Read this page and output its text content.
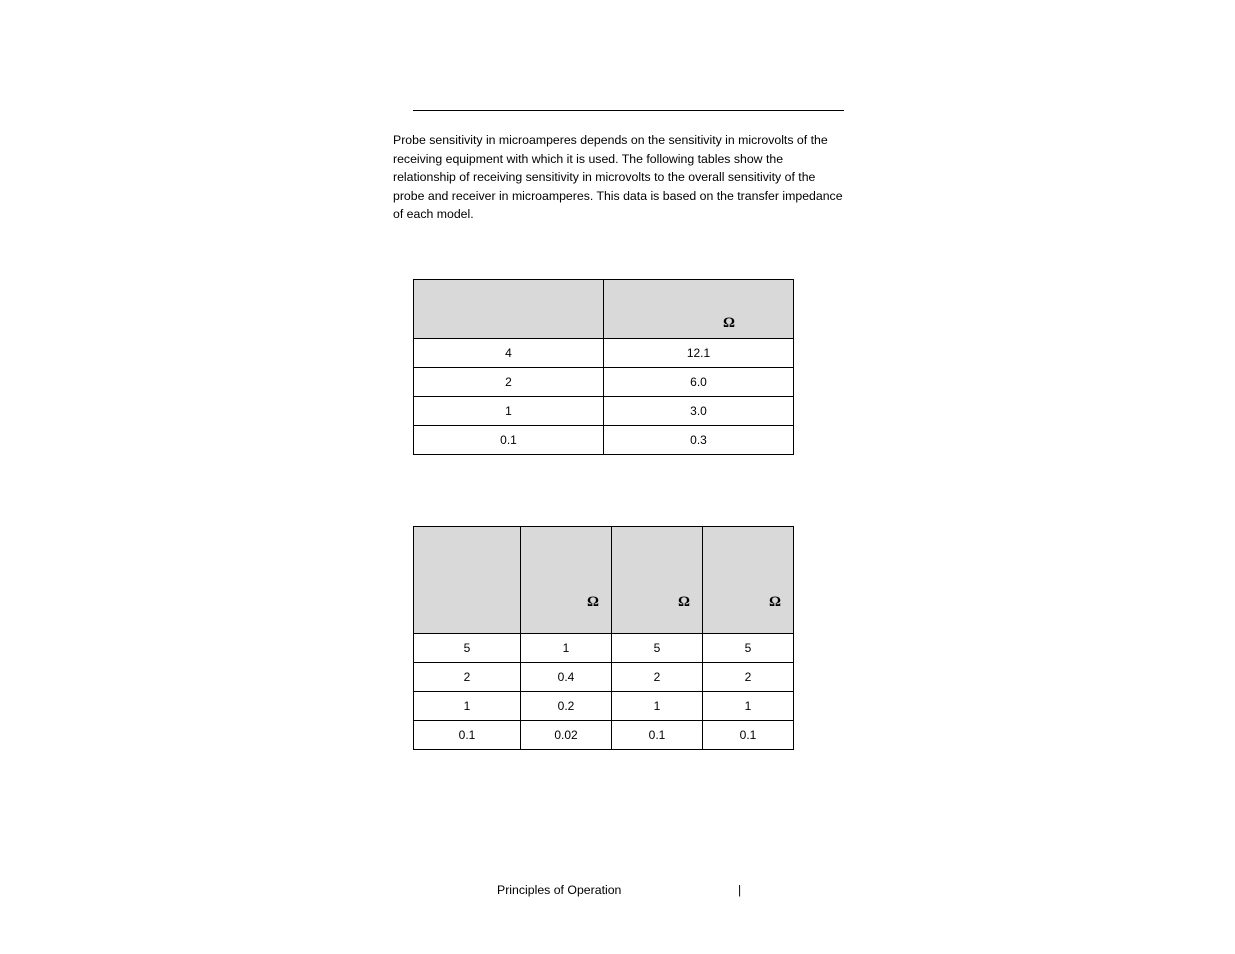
Probe sensitivity in microamperes depends on the sensitivity in microvolts of the receiving equipment with which it is used. The following tables show the relationship of receiving sensitivity in microvolts to the overall sensitivity of the probe and receiver in microamperes. This data is based on the transfer impedance of each model.

	Ω
4	12.1
2	6.0
1	3.0
0.1	0.3
	Ω	Ω	Ω
5	1	5	5
2	0.4	2	2
1	0.2	1	1
0.1	0.02	0.1	0.1
Principles of Operation	|
